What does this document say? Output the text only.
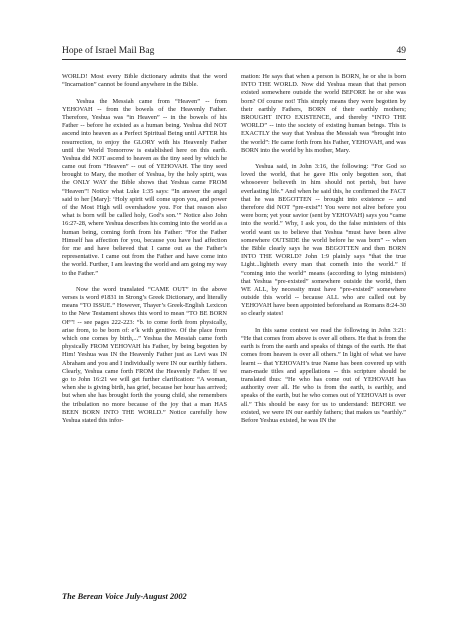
Hope of Israel Mail Bag	49

WORLD! Most every Bible dictionary admits that the word “Incarnation” cannot be found anywhere in the Bible.

Yeshua the Messiah came from “Heaven” -- from YEHOVAH -- from the bowels of the Heavenly Father. Therefore, Yeshua was “in Heaven” -- in the bowels of his Father -- before he existed as a human being. Yeshua did NOT ascend into heaven as a Perfect Spiritual Being until AFTER his resurrection, to enjoy the GLORY with his Heavenly Father until the World Tomorrow is established here on this earth. Yeshua did NOT ascend to heaven as the tiny seed by which he came out from “Heaven” -- out of YEHOVAH. The tiny seed brought to Mary, the mother of Yeshua, by the holy spirit, was the ONLY WAY the Bible shows that Yeshua came FROM “Heaven”! Notice what Luke 1:35 says: “In answer the angel said to her [Mary]: ‘Holy spirit will come upon you, and power of the Most High will overshadow you. For that reason also what is born will be called holy, God’s son.’” Notice also John 16:27-28, where Yeshua describes his coming into the world as a human being, coming forth from his Father: “For the Father Himself has affection for you, because you have had affection for me and have believed that I came out as the Father’s representative. I came out from the Father and have come into the world. Further, I am leaving the world and am going my way to the Father.”

Now the word translated “CAME OUT” in the above verses is word #1831 in Strong’s Greek Dictionary, and literally means “TO ISSUE.” However, Thayer’s Greek-English Lexicon to the New Testament shows this word to mean “TO BE BORN OF”! -- see pages 222-223: “b. to come forth from physically, arise from, to be born of: e’k with genitive. Of the place from which one comes by birth,...” Yeshua the Messiah came forth physically FROM YEHOVAH his Father, by being begotten by Him! Yeshua was IN the Heavenly Father just as Levi was IN Abraham and you and I individually were IN our earthly fathers. Clearly, Yeshua came forth FROM the Heavenly Father. If we go to John 16:21 we will get further clarification: “A woman, when she is giving birth, has grief, because her hour has arrived; but when she has brought forth the young child, she remembers the tribulation no more because of the joy that a man HAS BEEN BORN INTO THE WORLD.” Notice carefully how Yeshua stated this infor-

mation: He says that when a person is BORN, he or she is born INTO THE WORLD. Now did Yeshua mean that that person existed somewhere outside the world BEFORE he or she was born? Of course not! This simply means they were begotten by their earthly Fathers, BORN of their earthly mothers; BROUGHT INTO EXISTENCE, and thereby “INTO THE WORLD” -- into the society of existing human beings. This is EXACTLY the way that Yeshua the Messiah was “brought into the world”: He came forth from his Father, YEHOVAH, and was BORN into the world by his mother, Mary.

Yeshua said, in John 3:16, the following: “For God so loved the world, that he gave His only begotten son, that whosoever believeth in him should not perish, but have everlasting life.” And when he said this, he confirmed the FACT that he was BEGOTTEN -- brought into existence -- and therefore did NOT “pre-exist”! You were not alive before you were born; yet your savior (sent by YEHOVAH) says you “came into the world.” Why, I ask you, do the false ministers of this world want us to believe that Yeshua “must have been alive somewhere OUTSIDE the world before he was born” -- when the Bible clearly says he was BEGOTTEN and then BORN INTO THE WORLD? John 1:9 plainly says “that the true Light...lighteth every man that cometh into the world.” If “coming into the world” means (according to lying ministers) that Yeshua “pre-existed” somewhere outside the world, then WE ALL, by necessity must have “pre-existed” somewhere outside this world -- because ALL who are called out by YEHOVAH have been appointed beforehand as Romans 8:24-30 so clearly states!

In this same context we read the following in John 3:21: “He that comes from above is over all others. He that is from the earth is from the earth and speaks of things of the earth. He that comes from heaven is over all others.” In light of what we have learnt -- that YEHOVAH’s true Name has been covered up with man-made titles and appellations -- this scripture should be translated thus: “He who has come out of YEHOVAH has authority over all. He who is from the earth, is earthly, and speaks of the earth, but he who comes out of YEHOVAH is over all.” This should be easy for us to understand: BEFORE we existed, we were IN our earthly fathers; that makes us “earthly.” Before Yeshua existed, he was IN the

The Berean Voice July-August 2002
